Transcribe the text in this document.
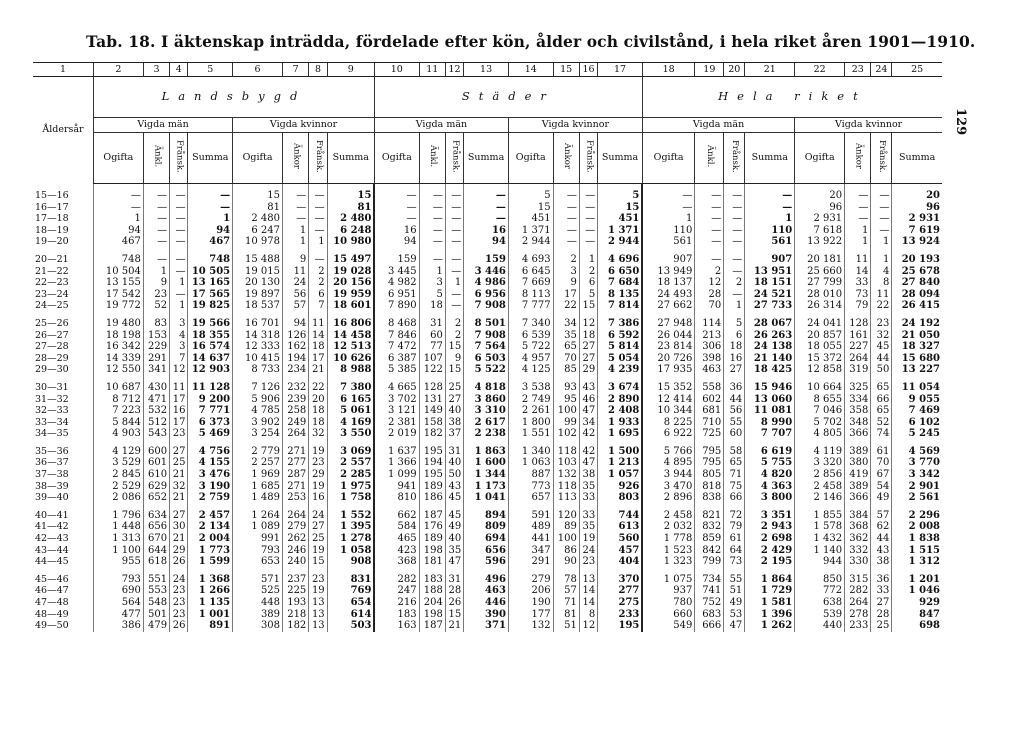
Tab. 18. I äktenskap inträdda, fördelade efter kön, ålder och civilstånd, i hela riket åren 1901—1910.
129
1	2	3	4	5	6	7	8	9	10	11	12	13	14	15	16	17	18	19	20	21	22	23	24	25
Åldersår	Landsbygd								Städer								Hela riket							
	Vigda män				Vigda kvinnor				Vigda män				Vigda kvinnor				Vigda män				Vigda kvinnor			
	Ogifta	Änkl.	Frånsk.	Summa	Ogifta	Änkor	Frånsk.	Summa	Ogifta	Änkl.	Frånsk.	Summa	Ogifta	Änkor	Frånsk.	Summa	Ogifta	Änkl.	Frånsk.	Summa	Ogifta	Änkor	Frånsk.	Summa

15—16	—	—	—	—	15	—	—	15	—	—	—	—	5	—	—	5	—	—	—	—	20	—	—	20
16—17	—	—	—	—	81	—	—	81	—	—	—	—	15	—	—	15	—	—	—	—	96	—	—	96
17—18	1	—	—	1	2 480	—	—	2 480	—	—	—	—	451	—	—	451	1	—	—	1	2 931	—	—	2 931
18—19	94	—	—	94	6 247	1	—	6 248	16	—	—	16	1 371	—	—	1 371	110	—	—	110	7 618	1	—	7 619
19—20	467	—	—	467	10 978	1	1	10 980	94	—	—	94	2 944	—	—	2 944	561	—	—	561	13 922	1	1	13 924

20—21	748	—	—	748	15 488	9	—	15 497	159	—	—	159	4 693	2	1	4 696	907	—	—	907	20 181	11	1	20 193
21—22	10 504	1	—	10 505	19 015	11	2	19 028	3 445	1	—	3 446	6 645	3	2	6 650	13 949	2	—	13 951	25 660	14	4	25 678
22—23	13 155	9	1	13 165	20 130	24	2	20 156	4 982	3	1	4 986	7 669	9	6	7 684	18 137	12	2	18 151	27 799	33	8	27 840
23—24	17 542	23	—	17 565	19 897	56	6	19 959	6 951	5	—	6 956	8 113	17	5	8 135	24 493	28	—	24 521	28 010	73	11	28 094
24—25	19 772	52	1	19 825	18 537	57	7	18 601	7 890	18	—	7 908	7 777	22	15	7 814	27 662	70	1	27 733	26 314	79	22	26 415

25—26	19 480	83	3	19 566	16 701	94	11	16 806	8 468	31	2	8 501	7 340	34	12	7 386	27 948	114	5	28 067	24 041	128	23	24 192
26—27	18 198	153	4	18 355	14 318	126	14	14 458	7 846	60	2	7 908	6 539	35	18	6 592	26 044	213	6	26 263	20 857	161	32	21 050
27—28	16 342	229	3	16 574	12 333	162	18	12 513	7 472	77	15	7 564	5 722	65	27	5 814	23 814	306	18	24 138	18 055	227	45	18 327
28—29	14 339	291	7	14 637	10 415	194	17	10 626	6 387	107	9	6 503	4 957	70	27	5 054	20 726	398	16	21 140	15 372	264	44	15 680
29—30	12 550	341	12	12 903	8 733	234	21	8 988	5 385	122	15	5 522	4 125	85	29	4 239	17 935	463	27	18 425	12 858	319	50	13 227

30—31	10 687	430	11	11 128	7 126	232	22	7 380	4 665	128	25	4 818	3 538	93	43	3 674	15 352	558	36	15 946	10 664	325	65	11 054
31—32	8 712	471	17	9 200	5 906	239	20	6 165	3 702	131	27	3 860	2 749	95	46	2 890	12 414	602	44	13 060	8 655	334	66	9 055
32—33	7 223	532	16	7 771	4 785	258	18	5 061	3 121	149	40	3 310	2 261	100	47	2 408	10 344	681	56	11 081	7 046	358	65	7 469
33—34	5 844	512	17	6 373	3 902	249	18	4 169	2 381	158	38	2 617	1 800	99	34	1 933	8 225	710	55	8 990	5 702	348	52	6 102
34—35	4 903	543	23	5 469	3 254	264	32	3 550	2 019	182	37	2 238	1 551	102	42	1 695	6 922	725	60	7 707	4 805	366	74	5 245

35—36	4 129	600	27	4 756	2 779	271	19	3 069	1 637	195	31	1 863	1 340	118	42	1 500	5 766	795	58	6 619	4 119	389	61	4 569
36—37	3 529	601	25	4 155	2 257	277	23	2 557	1 366	194	40	1 600	1 063	103	47	1 213	4 895	795	65	5 755	3 320	380	70	3 770
37—38	2 845	610	21	3 476	1 969	287	29	2 285	1 099	195	50	1 344	887	132	38	1 057	3 944	805	71	4 820	2 856	419	67	3 342
38—39	2 529	629	32	3 190	1 685	271	19	1 975	941	189	43	1 173	773	118	35	926	3 470	818	75	4 363	2 458	389	54	2 901
39—40	2 086	652	21	2 759	1 489	253	16	1 758	810	186	45	1 041	657	113	33	803	2 896	838	66	3 800	2 146	366	49	2 561

40—41	1 796	634	27	2 457	1 264	264	24	1 552	662	187	45	894	591	120	33	744	2 458	821	72	3 351	1 855	384	57	2 296
41—42	1 448	656	30	2 134	1 089	279	27	1 395	584	176	49	809	489	89	35	613	2 032	832	79	2 943	1 578	368	62	2 008
42—43	1 313	670	21	2 004	991	262	25	1 278	465	189	40	694	441	100	19	560	1 778	859	61	2 698	1 432	362	44	1 838
43—44	1 100	644	29	1 773	793	246	19	1 058	423	198	35	656	347	86	24	457	1 523	842	64	2 429	1 140	332	43	1 515
44—45	955	618	26	1 599	653	240	15	908	368	181	47	596	291	90	23	404	1 323	799	73	2 195	944	330	38	1 312

45—46	793	551	24	1 368	571	237	23	831	282	183	31	496	279	78	13	370	1 075	734	55	1 864	850	315	36	1 201
46—47	690	553	23	1 266	525	225	19	769	247	188	28	463	206	57	14	277	937	741	51	1 729	772	282	33	1 046
47—48	564	548	23	1 135	448	193	13	654	216	204	26	446	190	71	14	275	780	752	49	1 581	638	264	27	929
48—49	477	501	23	1 001	389	218	13	614	183	198	15	390	177	81	8	233	660	683	53	1 396	539	278	28	847
49—50	386	479	26	891	308	182	13	503	163	187	21	371	132	51	12	195	549	666	47	1 262	440	233	25	698
